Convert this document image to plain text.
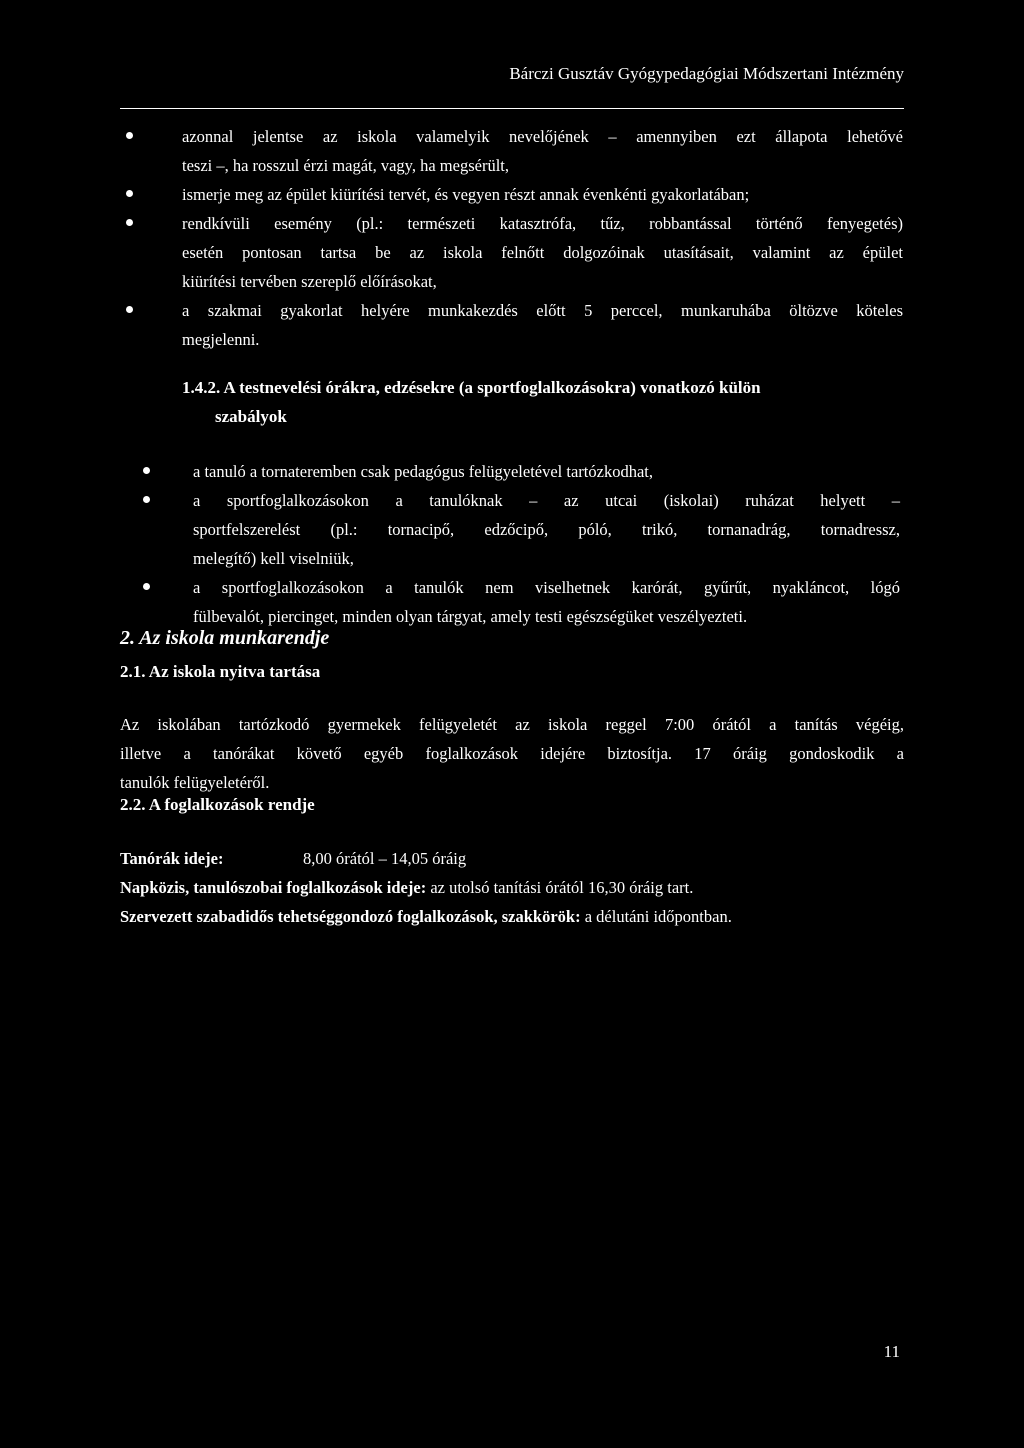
Bárczi Gusztáv Gyógypedagógiai Módszertani Intézmény
azonnal jelentse az iskola valamelyik nevelőjének – amennyiben ezt állapota lehetővé
teszi –, ha rosszul érzi magát, vagy, ha megsérült,
ismerje meg az épület kiürítési tervét, és vegyen részt annak évenkénti gyakorlatában;
rendkívüli esemény (pl.: természeti katasztrófa, tűz, robbantással történő fenyegetés)
esetén pontosan tartsa be az iskola felnőtt dolgozóinak utasításait, valamint az épület
kiürítési tervében szereplő előírásokat,
a szakmai gyakorlat helyére munkakezdés előtt 5 perccel, munkaruhába öltözve köteles
megjelenni.
1.4.2. A testnevelési órákra, edzésekre (a sportfoglalkozásokra) vonatkozó külön
szabályok
a tanuló a tornateremben csak pedagógus felügyeletével tartózkodhat,
a sportfoglalkozásokon a tanulóknak – az utcai (iskolai) ruházat helyett –
sportfelszerelést (pl.: tornacipő, edzőcipő, póló, trikó, tornanadrág, tornadressz,
melegítő) kell viselniük,
a sportfoglalkozásokon a tanulók nem viselhetnek karórát, gyűrűt, nyakláncot, lógó
fülbevalót, piercinget, minden olyan tárgyat, amely testi egészségüket veszélyezteti.
2. Az iskola munkarendje
2.1. Az iskola nyitva tartása
Az iskolában tartózkodó gyermekek felügyeletét az iskola reggel 7:00 órától a tanítás végéig,
illetve a tanórákat követő egyéb foglalkozások idejére biztosítja. 17 óráig gondoskodik a
tanulók felügyeletéről.
2.2. A foglalkozások rendje
Tanórák ideje:	8,00 órától – 14,05 óráig
Napközis, tanulószobai foglalkozások ideje: az utolsó tanítási órától 16,30 óráig tart.
Szervezett szabadidős tehetséggondozó foglalkozások, szakkörök: a délutáni időpontban.
11
